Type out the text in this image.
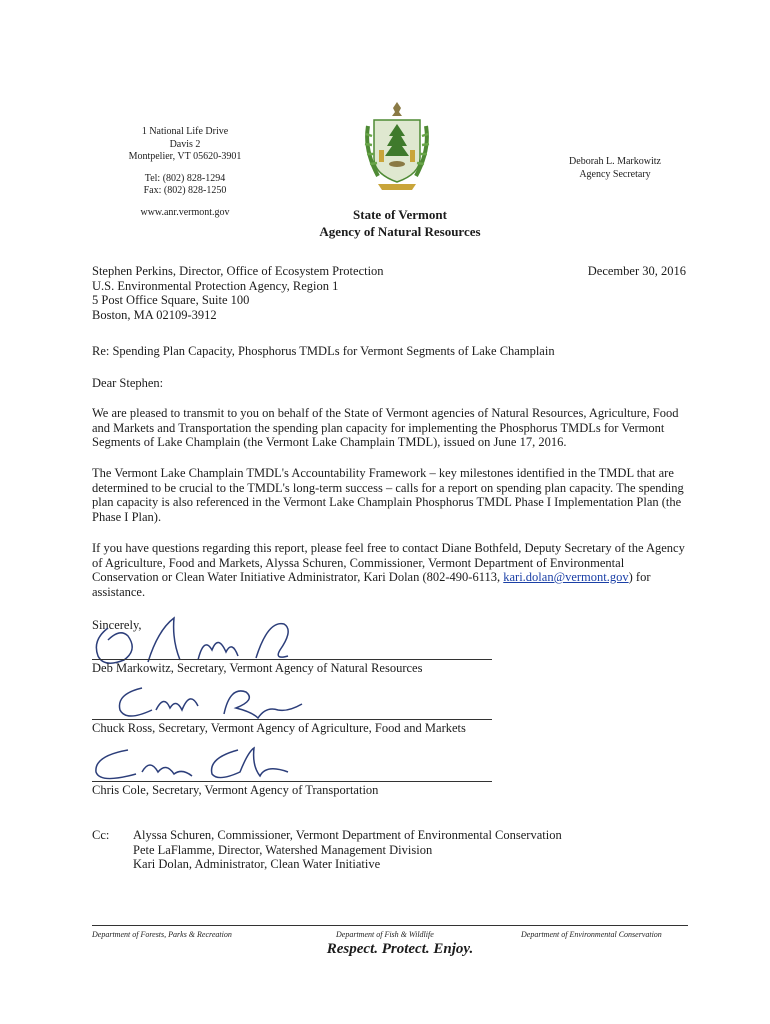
1 National Life Drive
Davis 2
Montpelier, VT 05620-3901
Tel: (802) 828-1294
Fax: (802) 828-1250
www.anr.vermont.gov
Deborah L. Markowitz
Agency Secretary
State of Vermont
Agency of Natural Resources
Stephen Perkins, Director, Office of Ecosystem Protection
U.S. Environmental Protection Agency, Region 1
5 Post Office Square, Suite 100
Boston, MA 02109-3912
December 30, 2016
Re: Spending Plan Capacity, Phosphorus TMDLs for Vermont Segments of Lake Champlain
Dear Stephen:
We are pleased to transmit to you on behalf of the State of Vermont agencies of Natural Resources, Agriculture, Food and Markets and Transportation the spending plan capacity for implementing the Phosphorus TMDLs for Vermont Segments of Lake Champlain (the Vermont Lake Champlain TMDL), issued on June 17, 2016.
The Vermont Lake Champlain TMDL's Accountability Framework – key milestones identified in the TMDL that are determined to be crucial to the TMDL's long-term success – calls for a report on spending plan capacity. The spending plan capacity is also referenced in the Vermont Lake Champlain Phosphorus TMDL Phase I Implementation Plan (the Phase I Plan).
If you have questions regarding this report, please feel free to contact Diane Bothfeld, Deputy Secretary of the Agency of Agriculture, Food and Markets, Alyssa Schuren, Commissioner, Vermont Department of Environmental Conservation or Clean Water Initiative Administrator, Kari Dolan (802-490-6113, kari.dolan@vermont.gov) for assistance.
Sincerely,
Deb Markowitz, Secretary, Vermont Agency of Natural Resources
Chuck Ross, Secretary, Vermont Agency of Agriculture, Food and Markets
Chris Cole, Secretary, Vermont Agency of Transportation
Cc: Alyssa Schuren, Commissioner, Vermont Department of Environmental Conservation
Pete LaFlamme, Director, Watershed Management Division
Kari Dolan, Administrator, Clean Water Initiative
Department of Forests, Parks & Recreation	Department of Fish & Wildlife	Department of Environmental Conservation
Respect. Protect. Enjoy.
